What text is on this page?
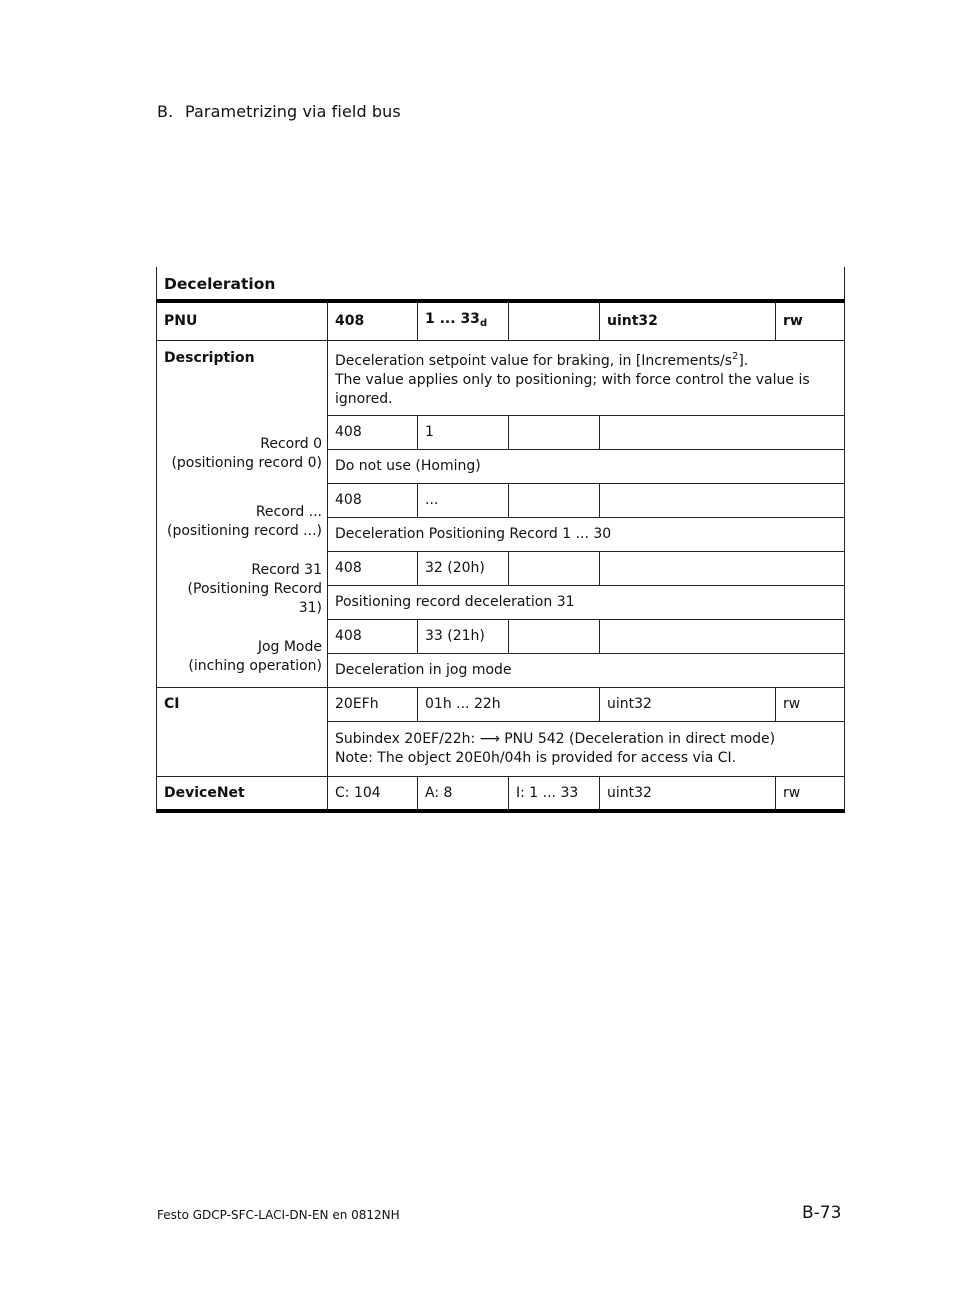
B. Parametrizing via field bus
Deceleration					
PNU	408	1 ... $33_d$		uint32	rw
Description	Deceleration setpoint value for braking, in $[Increments/s^2]$.
The value applies only to positioning; with force control the value is ignored.				
Record 0
(positioning record 0)	408	1			
	Do not use (Homing)				
Record ...
(positioning record ...)	408	...			
	Deceleration Positioning Record 1 ... 30				
Record 31
(Positioning Record 31)	408	32 (20h)			
	Positioning record deceleration 31				
Jog Mode
(inching operation)	408	33 (21h)			
	Deceleration in jog mode				
CI	20EFh	01h ... 22h		uint32	rw
	Subindex 20EF/22h: ⟶ PNU 542 (Deceleration in direct mode)
Note: The object 20E0h/04h is provided for access via CI.				
DeviceNet	C: 104	A: 8	I: 1 ... 33	uint32	rw
Festo GDCP-SFC-LACI-DN-EN en 0812NH	B-73
